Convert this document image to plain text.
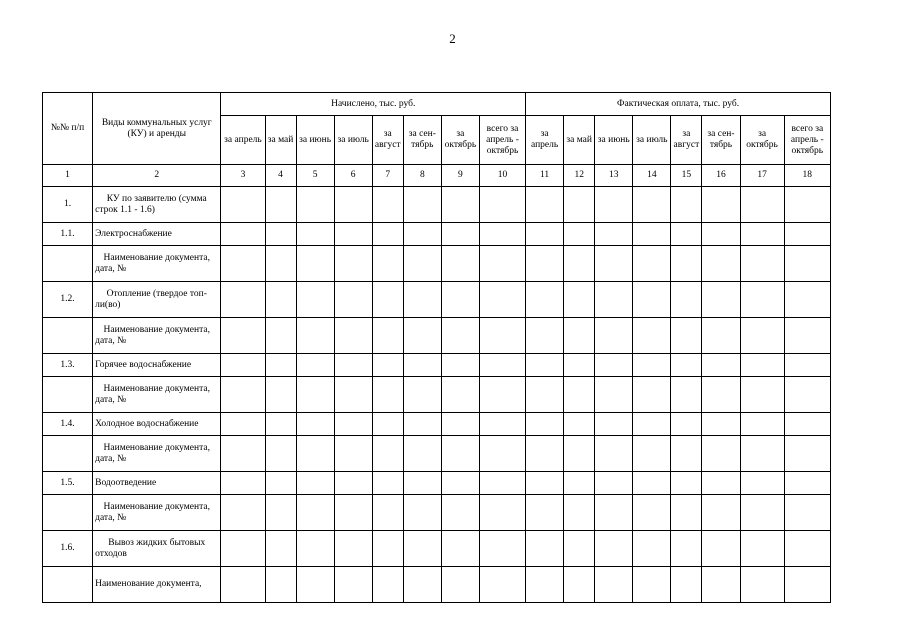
2
№№ п/п	Виды коммунальных услуг (КУ) и аренды	Начислено, тыс. руб.								Фактическая оплата, тыс. руб.							
		за апрель	за май	за июнь	за июль	за август	за сен-тябрь	за октябрь	всего за апрель - октябрь	за апрель	за май	за июнь	за июль	за август	за сен-тябрь	за октябрь	всего за апрель - октябрь
1	2	3	4	5	6	7	8	9	10	11	12	13	14	15	16	17	18
1.	КУ по заявителю (сумма строк 1.1 - 1.6)																
1.1.	Электроснабжение																
	Наименование документа, дата, №																
1.2.	Отопление (твердое топ-ли(во)																
	Наименование документа, дата, №																
1.3.	Горячее водоснабжение																
	Наименование документа, дата, №																
1.4.	Холодное водоснабжение																
	Наименование документа, дата, №																
1.5.	Водоотведение																
	Наименование документа, дата, №																
1.6.	Вывоз жидких бытовых отходов																
	Наименование документа,																
